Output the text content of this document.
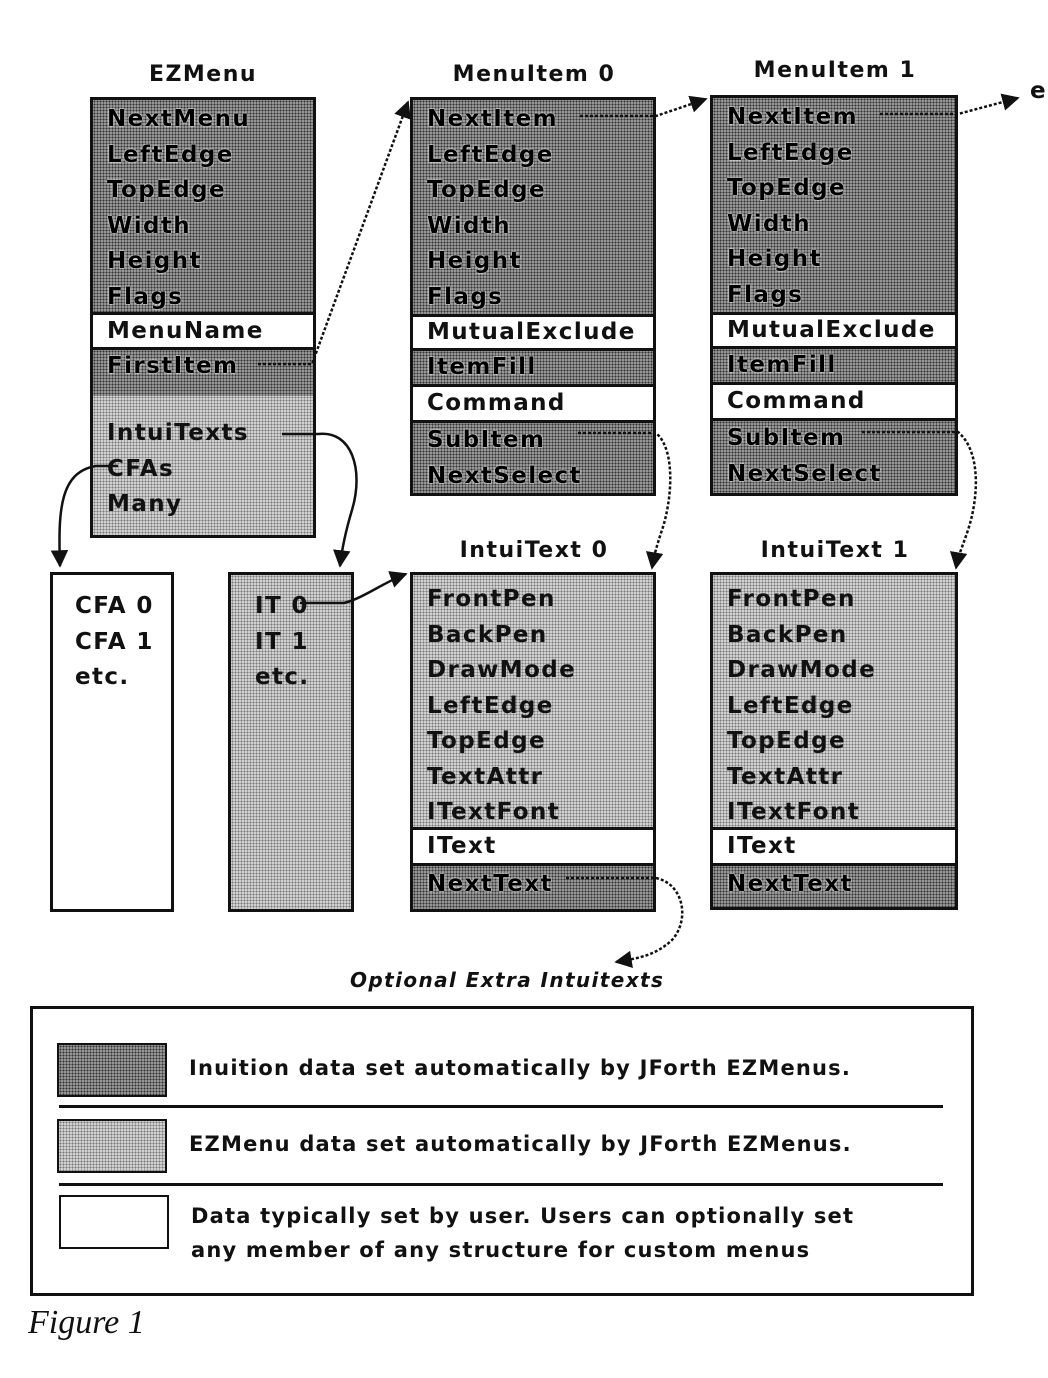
EZMenu	MenuItem 0	MenuItem 1
IntuiText 0	IntuiText 1
NextMenu
LeftEdge
TopEdge
Width
Height
Flags
MenuName
FirstItem
IntuiTexts
CFAs
Many
NextItem
LeftEdge
TopEdge
Width
Height
Flags
MutualExclude
ItemFill
Command
SubItem
NextSelect
NextItem
LeftEdge
TopEdge
Width
Height
Flags
MutualExclude
ItemFill
Command
SubItem
NextSelect
e
CFA 0
CFA 1
etc.
IT 0
IT 1
etc.
FrontPen
BackPen
DrawMode
LeftEdge
TopEdge
TextAttr
ITextFont
IText
NextText
FrontPen
BackPen
DrawMode
LeftEdge
TopEdge
TextAttr
ITextFont
IText
NextText
Optional Extra Intuitexts
Inuition data set automatically by JForth EZMenus.
EZMenu data set automatically by JForth EZMenus.
Data typically set by user. Users can optionally set
any member of any structure for custom menus
Figure 1
